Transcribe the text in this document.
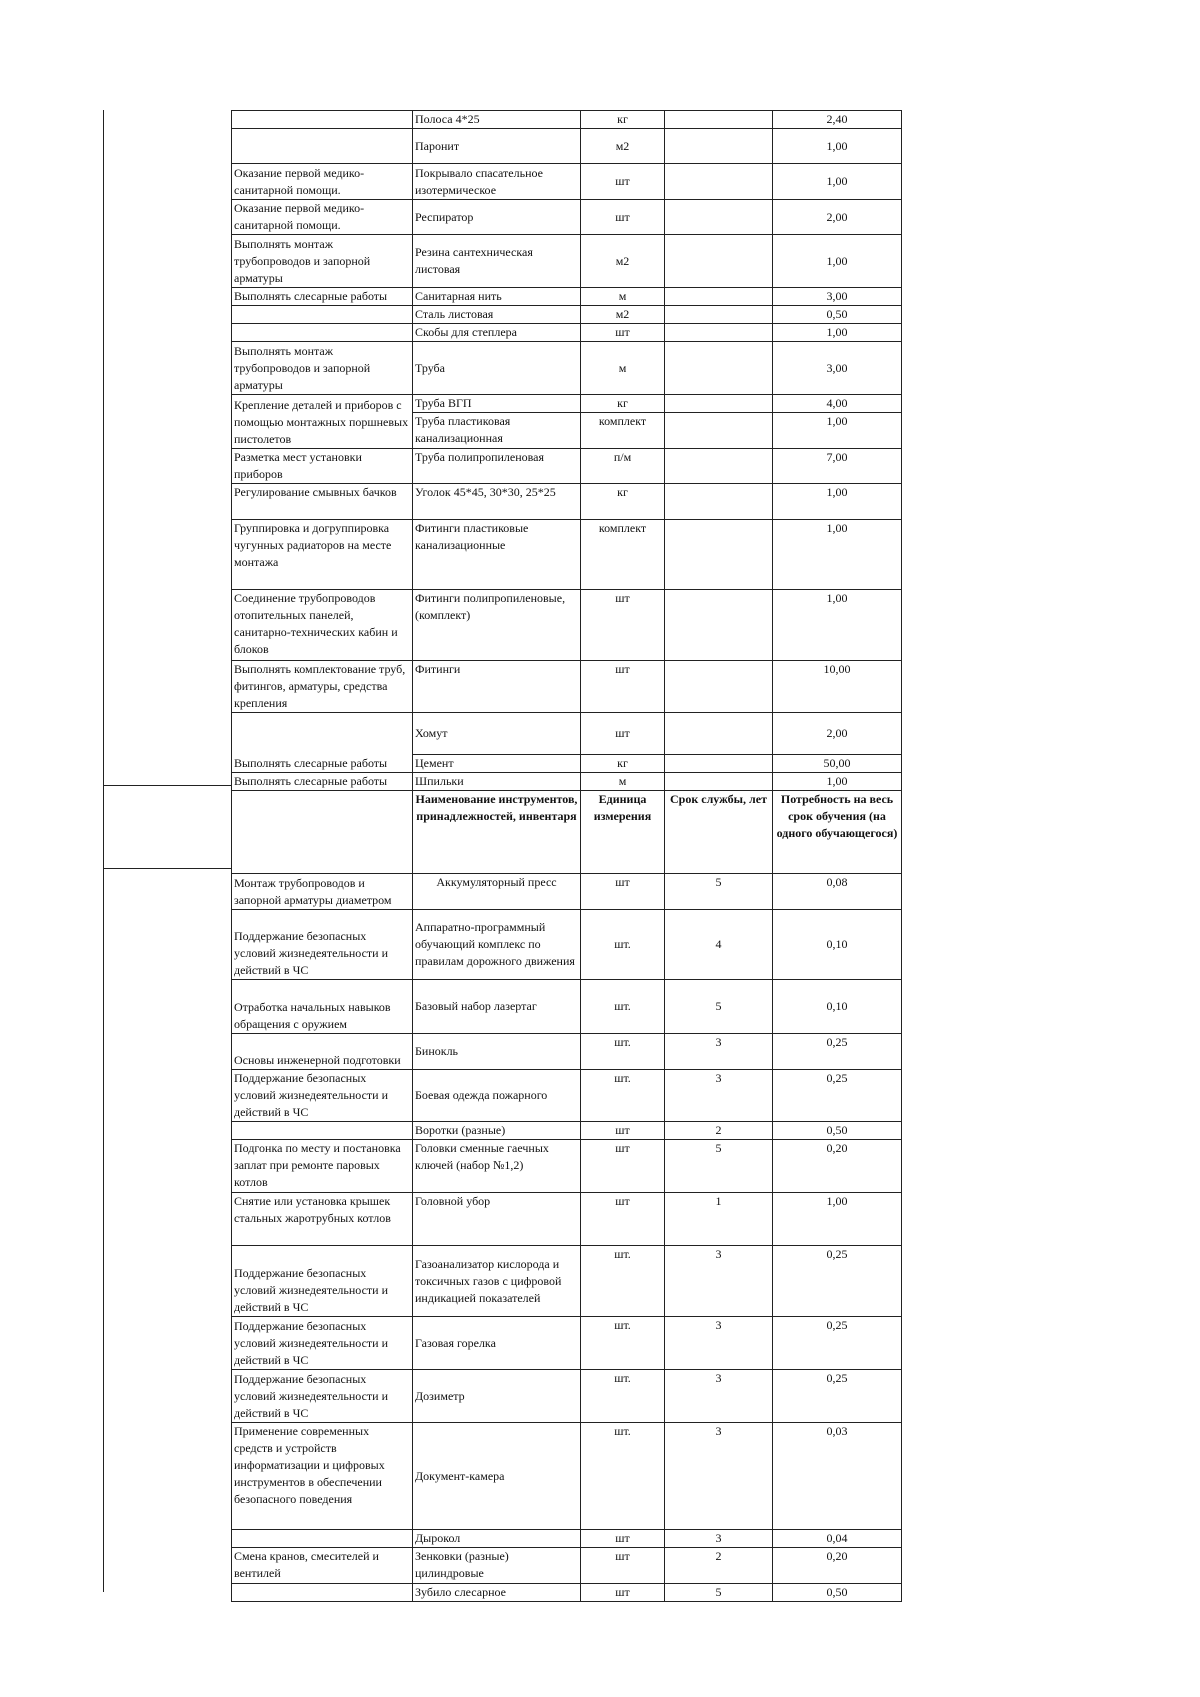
	Полоса 4*25	кг		2,40
	Паронит	м2		1,00
Оказание первой медико-санитарной помощи.	Покрывало спасательное изотермическое	шт		1,00
Оказание первой медико-санитарной помощи.	Респиратор	шт		2,00
Выполнять монтаж трубопроводов и запорной арматуры	Резина сантехническая листовая	м2		1,00
Выполнять слесарные работы	Санитарная нить	м		3,00
	Сталь листовая	м2		0,50
	Скобы для степлера	шт		1,00
Выполнять монтаж трубопроводов и запорной арматуры	Труба	м		3,00
Крепление деталей и приборов с помощью монтажных поршневых пистолетов	Труба ВГП	кг		4,00
	Труба пластиковая канализационная	комплект		1,00
Разметка мест установки приборов	Труба полипропиленовая	п/м		7,00
Регулирование смывных бачков	Уголок 45*45, 30*30, 25*25	кг		1,00
Группировка и догруппировка чугунных радиаторов на месте монтажа	Фитинги пластиковые канализационные	комплект		1,00
Соединение трубопроводов отопительных панелей, санитарно-технических кабин и блоков	Фитинги полипропиленовые, (комплект)	шт		1,00
Выполнять комплектование труб, фитингов, арматуры, средства крепления	Фитинги	шт		10,00
Выполнять слесарные работы	Хомут	шт		2,00
	Цемент	кг		50,00
Выполнять слесарные работы	Шпильки	м		1,00
	Наименование инструментов, принадлежностей, инвентаря	Единица измерения	Срок службы, лет	Потребность на весь срок обучения (на одного обучающегося)
Монтаж трубопроводов и запорной арматуры диаметром	Аккумуляторный пресс	шт	5	0,08
Поддержание безопасных условий жизнедеятельности и действий в ЧС	Аппаратно-программный обучающий комплекс по правилам дорожного движения	шт.	4	0,10
Отработка начальных навыков обращения с оружием	Базовый набор лазертаг	шт.	5	0,10
Основы инженерной подготовки	Бинокль	шт.	3	0,25
Поддержание безопасных условий жизнедеятельности и действий в ЧС	Боевая одежда пожарного	шт.	3	0,25
	Воротки (разные)	шт	2	0,50
Подгонка по месту и постановка заплат при ремонте паровых котлов	Головки сменные гаечных ключей (набор №1,2)	шт	5	0,20
Снятие или установка крышек стальных жаротрубных котлов	Головной убор	шт	1	1,00
Поддержание безопасных условий жизнедеятельности и действий в ЧС	Газоанализатор кислорода и токсичных газов с цифровой индикацией показателей	шт.	3	0,25
Поддержание безопасных условий жизнедеятельности и действий в ЧС	Газовая горелка	шт.	3	0,25
Поддержание безопасных условий жизнедеятельности и действий в ЧС	Дозиметр	шт.	3	0,25
Применение современных средств и устройств информатизации и цифровых инструментов в обеспечении безопасного поведения	Документ-камера	шт.	3	0,03
	Дырокол	шт	3	0,04
Смена кранов, смесителей и вентилей	Зенковки (разные) цилиндровые	шт	2	0,20
	Зубило слесарное	шт	5	0,50
